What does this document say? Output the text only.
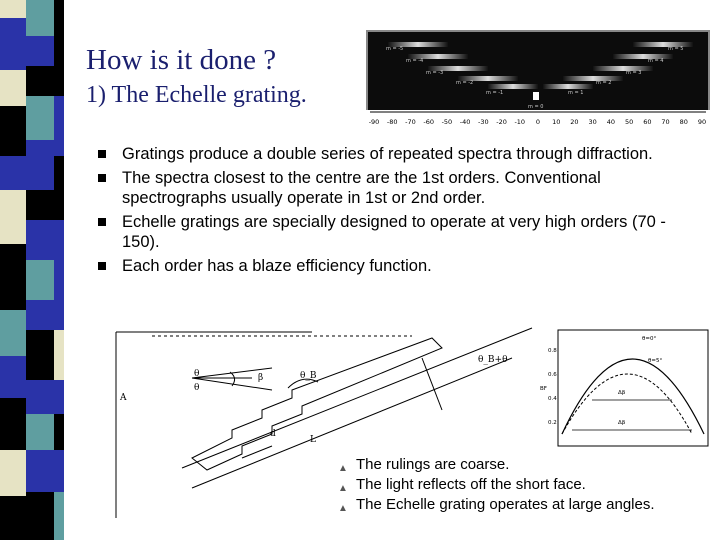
How is it done ?
1) The Echelle grating.
m = -5
m = -4
m = -3
m = -2
m = -1
m = 0
m = 1
m = 2
m = 3
m = 4
m = 5
-90 -80 -70 -60 -50 -40 -30 -20 -10 0 10 20 30 40 50 60 70 80 90
Gratings produce a double series of repeated spectra through diffraction.
The spectra closest to the centre are the 1st orders. Conventional spectrographs usually operate in 1st or 2nd order.
Echelle gratings are specially designed to operate at very high orders (70 - 150).
Each order has a blaze efficiency function.
θ
θ
β	θ_B
θ_B+θ
d
A
L
0.8
0.6
0.4
0.2
BF
θ=0°
θ=5°
Δβ
Δβ
▲ The rulings are coarse.
▲ The light reflects off the short face.
▲ The Echelle grating operates at large angles.
